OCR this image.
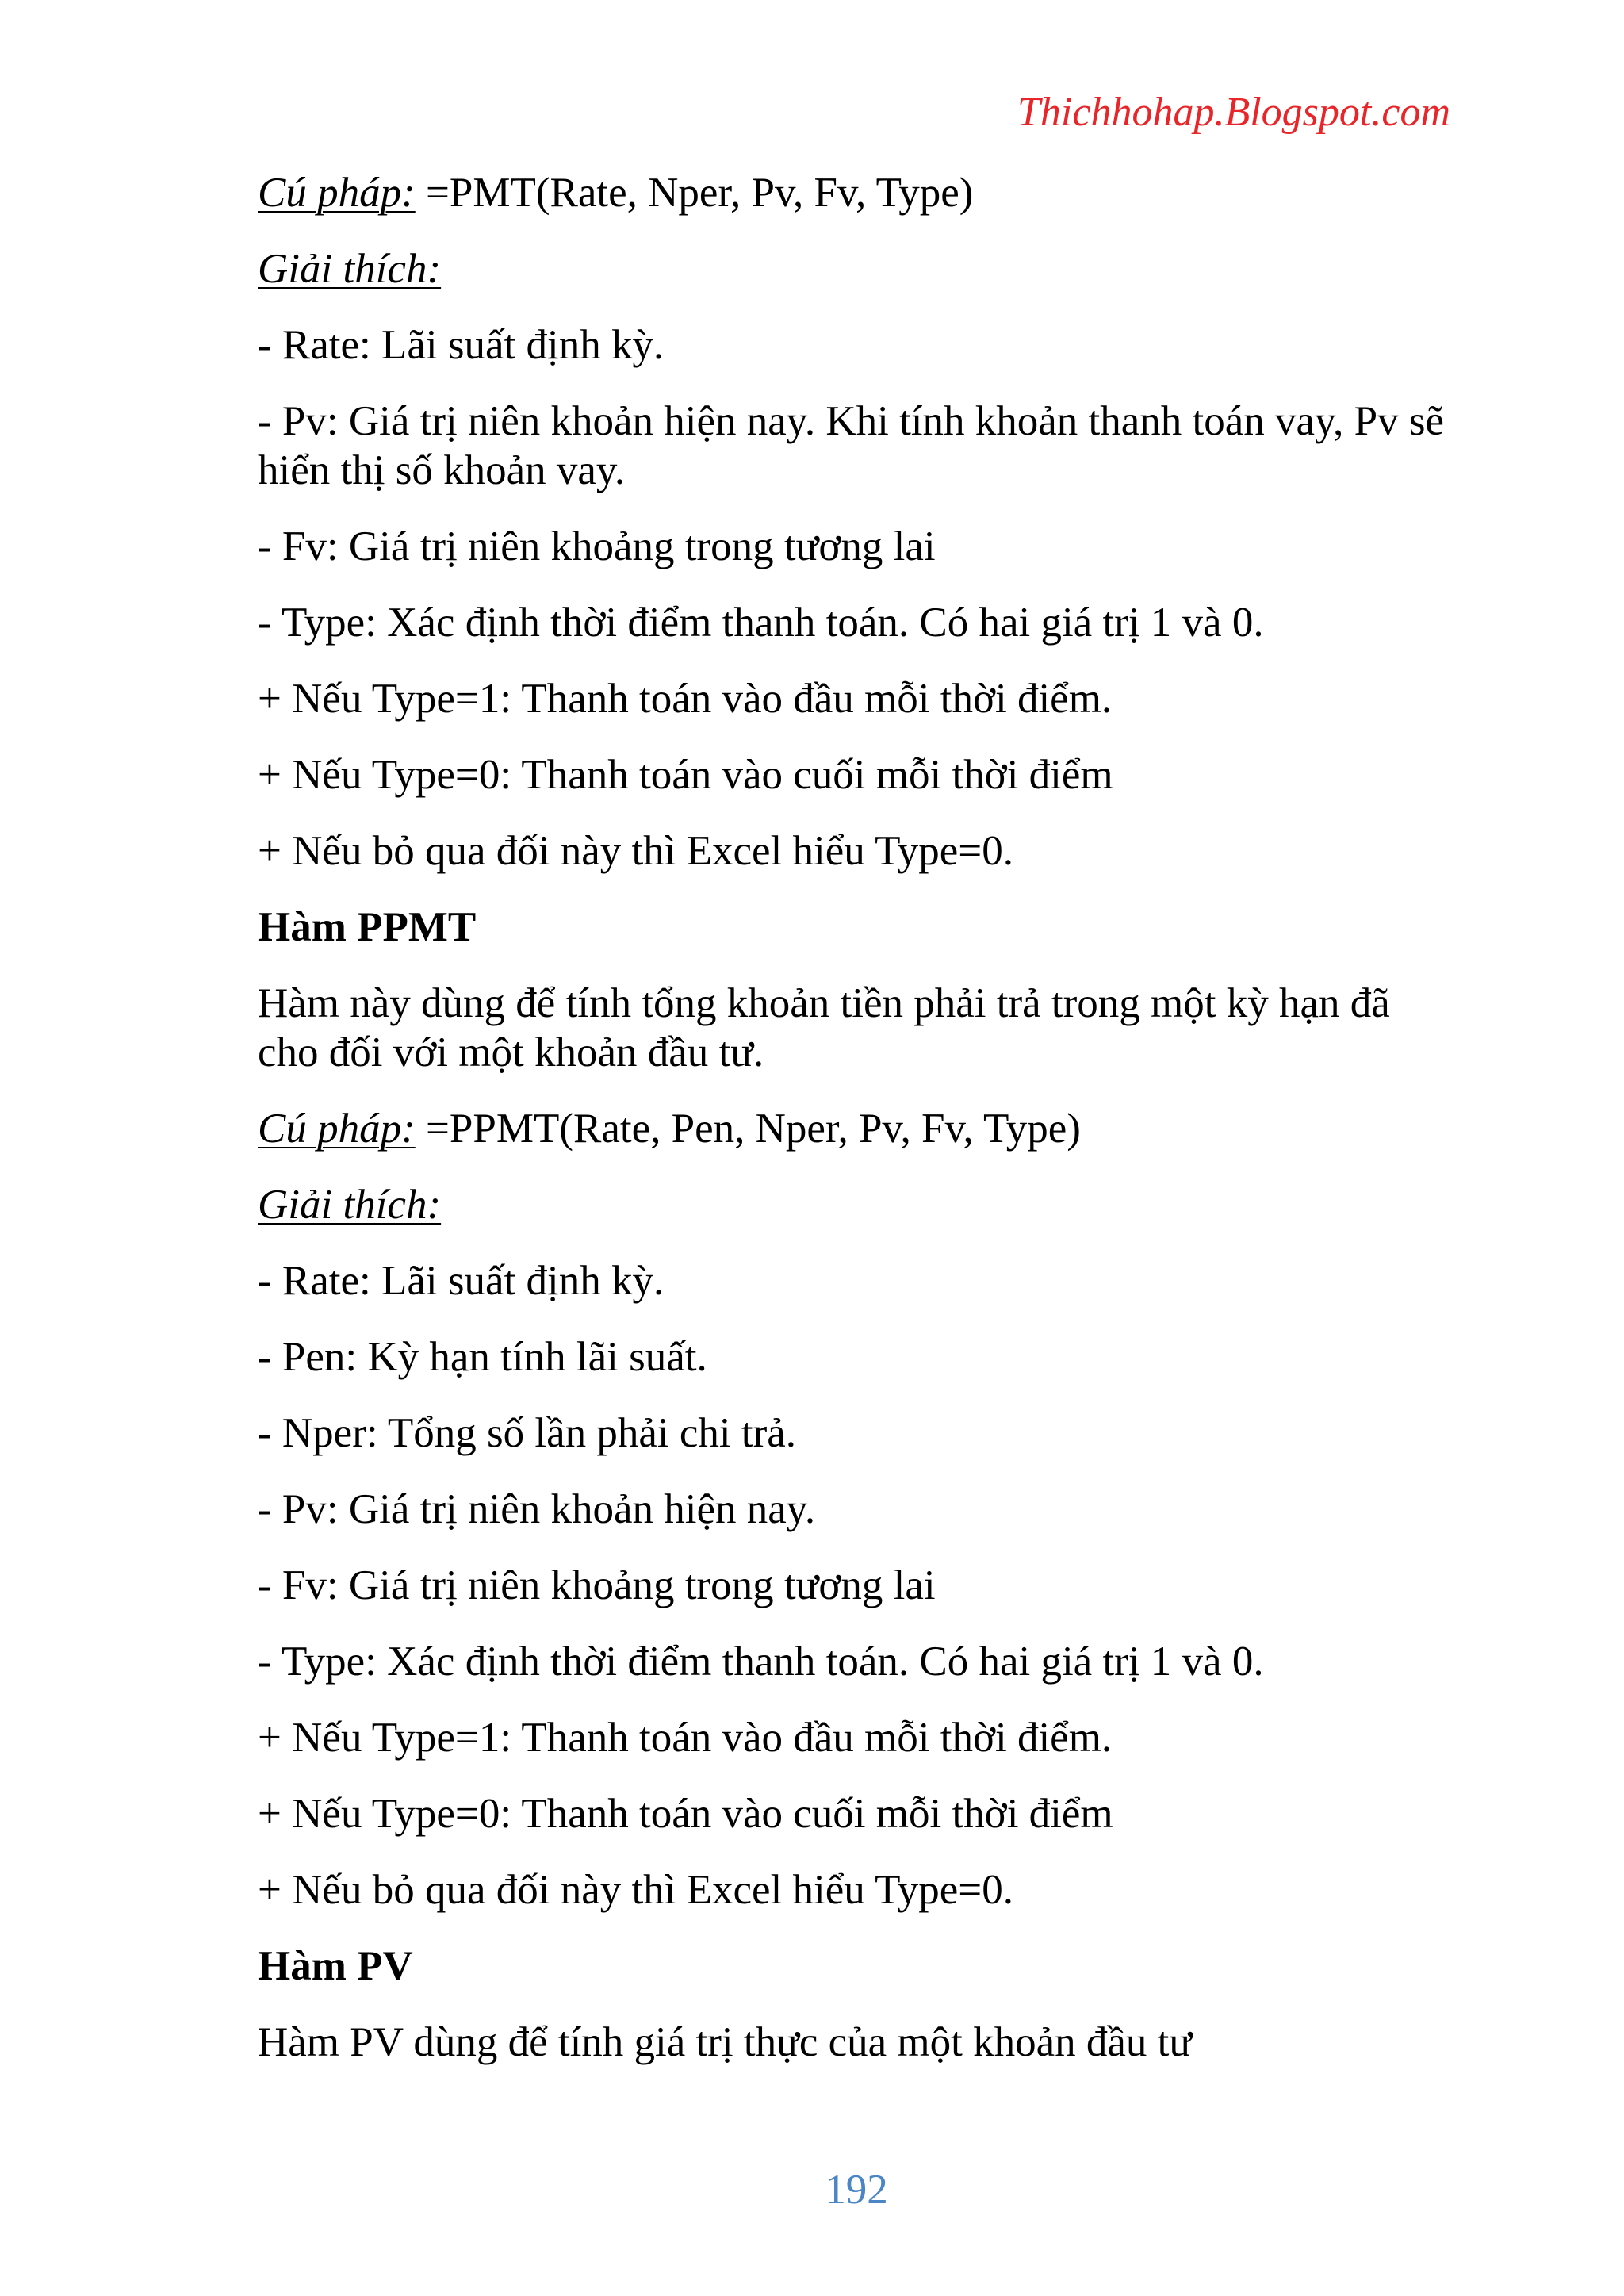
Thichhohap.Blogspot.com

Cú pháp: =PMT(Rate, Nper, Pv, Fv, Type)

Giải thích:

- Rate: Lãi suất định kỳ.

- Pv: Giá trị niên khoản hiện nay. Khi tính khoản thanh toán vay, Pv sẽ hiển thị số khoản vay.

- Fv: Giá trị niên khoảng trong tương lai

- Type: Xác định thời điểm thanh toán. Có hai giá trị 1 và 0.

+ Nếu Type=1: Thanh toán vào đầu mỗi thời điểm.

+ Nếu Type=0: Thanh toán vào cuối mỗi thời điểm

+ Nếu bỏ qua đối này thì Excel hiểu Type=0.

Hàm PPMT

Hàm này dùng để tính tổng khoản tiền phải trả trong một kỳ hạn đã cho đối với một khoản đầu tư.

Cú pháp: =PPMT(Rate, Pen, Nper, Pv, Fv, Type)

Giải thích:

- Rate: Lãi suất định kỳ.

- Pen: Kỳ hạn tính lãi suất.

- Nper: Tổng số lần phải chi trả.

- Pv: Giá trị niên khoản hiện nay.

- Fv: Giá trị niên khoảng trong tương lai

- Type: Xác định thời điểm thanh toán. Có hai giá trị 1 và 0.

+ Nếu Type=1: Thanh toán vào đầu mỗi thời điểm.

+ Nếu Type=0: Thanh toán vào cuối mỗi thời điểm

+ Nếu bỏ qua đối này thì Excel hiểu Type=0.

Hàm PV

Hàm PV dùng để tính giá trị thực của một khoản đầu tư

192
